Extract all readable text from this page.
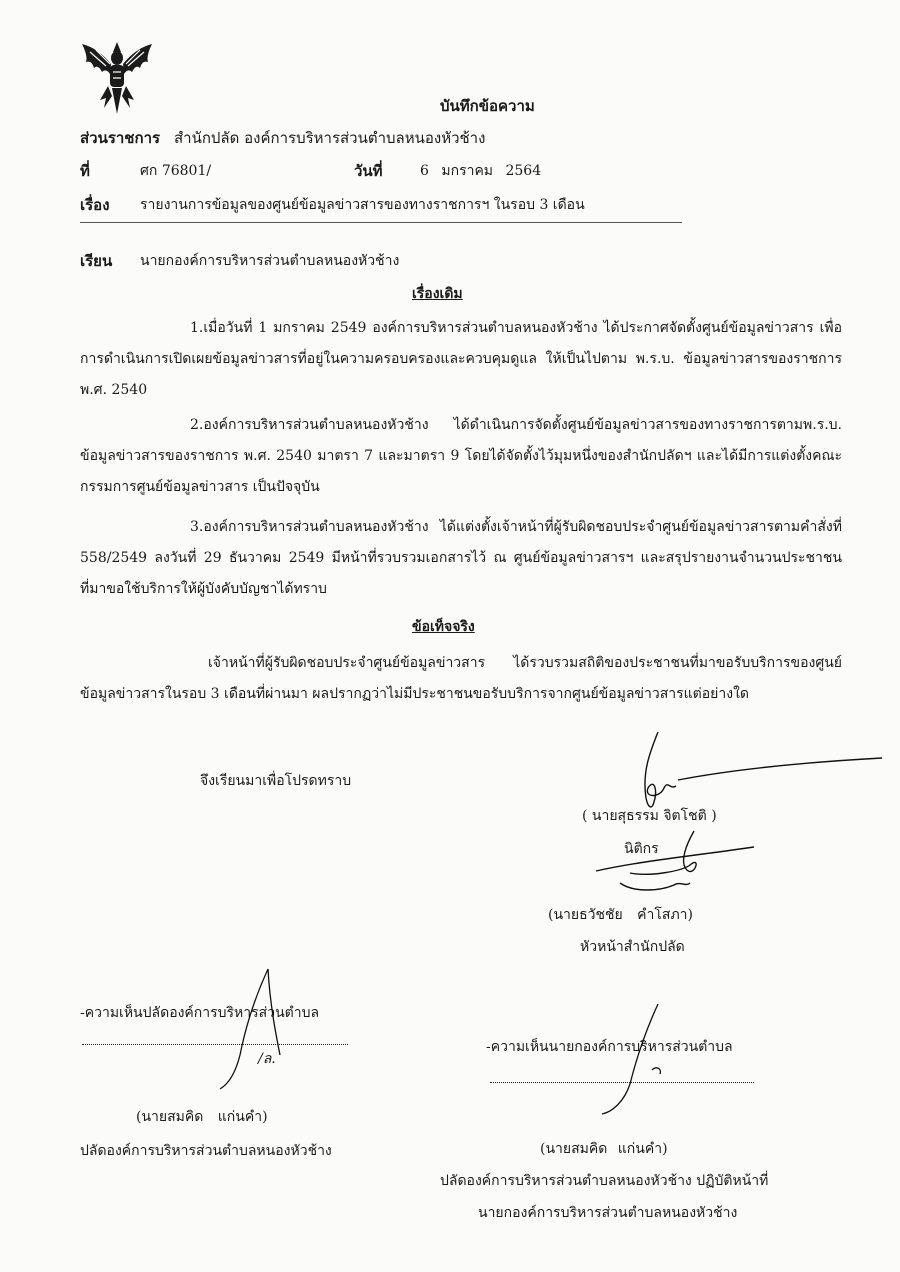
บันทึกข้อความ
ส่วนราชการ สำนักปลัด องค์การบริหารส่วนตำบลหนองหัวช้าง
ที่	ศก 76801/	วันที่	6 มกราคม 2564
เรื่อง รายงานการข้อมูลของศูนย์ข้อมูลข่าวสารของทางราชการฯ ในรอบ 3 เดือน
เรียน นายกองค์การบริหารส่วนตำบลหนองหัวช้าง
เรื่องเดิม
1.เมื่อวันที่ 1 มกราคม 2549 องค์การบริหารส่วนตำบลหนองหัวช้าง ได้ประกาศจัดตั้งศูนย์ข้อมูลข่าวสาร เพื่อการดำเนินการเปิดเผยข้อมูลข่าวสารที่อยู่ในความครอบครองและควบคุมดูแล ให้เป็นไปตาม พ.ร.บ. ข้อมูลข่าวสารของราชการ พ.ศ. 2540
2.องค์การบริหารส่วนตำบลหนองหัวช้าง ได้ดำเนินการจัดตั้งศูนย์ข้อมูลข่าวสารของทางราชการตามพ.ร.บ. ข้อมูลข่าวสารของราชการ พ.ศ. 2540 มาตรา 7 และมาตรา 9 โดยได้จัดตั้งไว้มุมหนึ่งของสำนักปลัดฯ และได้มีการแต่งตั้งคณะกรรมการศูนย์ข้อมูลข่าวสาร เป็นปัจจุบัน
3.องค์การบริหารส่วนตำบลหนองหัวช้าง ได้แต่งตั้งเจ้าหน้าที่ผู้รับผิดชอบประจำศูนย์ข้อมูลข่าวสารตามคำสั่งที่ 558/2549 ลงวันที่ 29 ธันวาคม 2549 มีหน้าที่รวบรวมเอกสารไว้ ณ ศูนย์ข้อมูลข่าวสารฯ และสรุปรายงานจำนวนประชาชนที่มาขอใช้บริการให้ผู้บังคับบัญชาได้ทราบ
ข้อเท็จจริง
เจ้าหน้าที่ผู้รับผิดชอบประจำศูนย์ข้อมูลข่าวสาร ได้รวบรวมสถิติของประชาชนที่มาขอรับบริการของศูนย์ข้อมูลข่าวสารในรอบ 3 เดือนที่ผ่านมา ผลปรากฏว่าไม่มีประชาชนขอรับบริการจากศูนย์ข้อมูลข่าวสารแต่อย่างใด
จึงเรียนมาเพื่อโปรดทราบ
( นายสุธรรม จิตโชติ )
นิติกร
(นายธวัชชัย คำโสภา)
หัวหน้าสำนักปลัด
-ความเห็นปลัดองค์การบริหารส่วนตำบล
/ล.
(นายสมคิด แก่นคำ)
ปลัดองค์การบริหารส่วนตำบลหนองหัวช้าง
-ความเห็นนายกองค์การบริหารส่วนตำบล
(นายสมคิด แก่นคำ)
ปลัดองค์การบริหารส่วนตำบลหนองหัวช้าง ปฏิบัติหน้าที่
นายกองค์การบริหารส่วนตำบลหนองหัวช้าง
